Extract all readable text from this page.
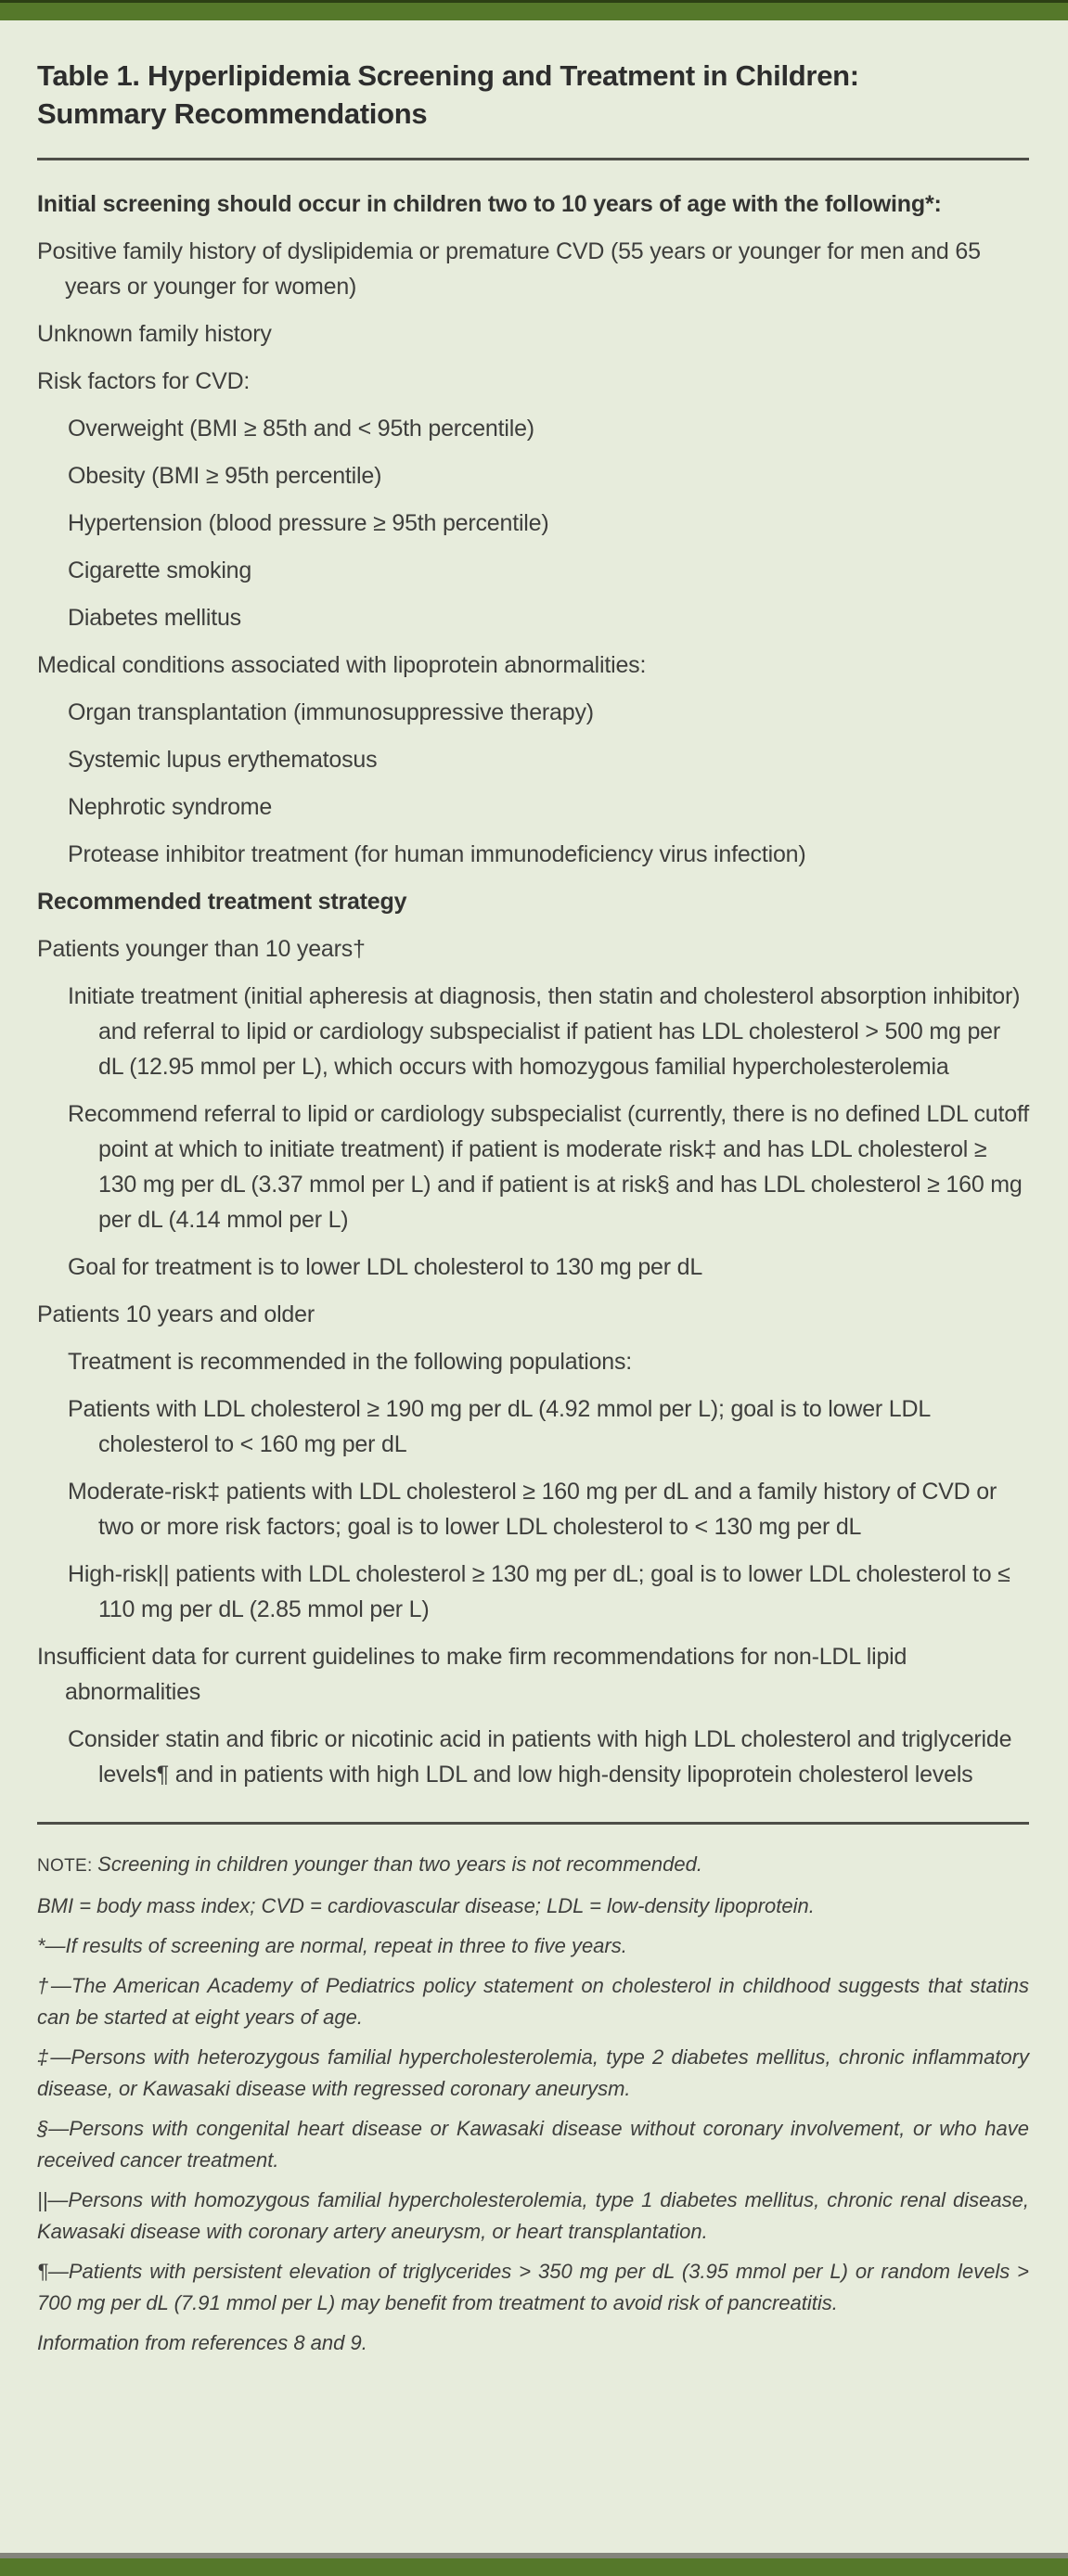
Table 1. Hyperlipidemia Screening and Treatment in Children: Summary Recommendations

Initial screening should occur in children two to 10 years of age with the following*:

Positive family history of dyslipidemia or premature CVD (55 years or younger for men and 65 years or younger for women)

Unknown family history

Risk factors for CVD:

Overweight (BMI ≥ 85th and < 95th percentile)

Obesity (BMI ≥ 95th percentile)

Hypertension (blood pressure ≥ 95th percentile)

Cigarette smoking

Diabetes mellitus

Medical conditions associated with lipoprotein abnormalities:

Organ transplantation (immunosuppressive therapy)

Systemic lupus erythematosus

Nephrotic syndrome

Protease inhibitor treatment (for human immunodeficiency virus infection)

Recommended treatment strategy

Patients younger than 10 years†

Initiate treatment (initial apheresis at diagnosis, then statin and cholesterol absorption inhibitor) and referral to lipid or cardiology subspecialist if patient has LDL cholesterol > 500 mg per dL (12.95 mmol per L), which occurs with homozygous familial hypercholesterolemia

Recommend referral to lipid or cardiology subspecialist (currently, there is no defined LDL cutoff point at which to initiate treatment) if patient is moderate risk‡ and has LDL cholesterol ≥ 130 mg per dL (3.37 mmol per L) and if patient is at risk§ and has LDL cholesterol ≥ 160 mg per dL (4.14 mmol per L)

Goal for treatment is to lower LDL cholesterol to 130 mg per dL

Patients 10 years and older

Treatment is recommended in the following populations:

Patients with LDL cholesterol ≥ 190 mg per dL (4.92 mmol per L); goal is to lower LDL cholesterol to < 160 mg per dL

Moderate-risk‡ patients with LDL cholesterol ≥ 160 mg per dL and a family history of CVD or two or more risk factors; goal is to lower LDL cholesterol to < 130 mg per dL

High-risk|| patients with LDL cholesterol ≥ 130 mg per dL; goal is to lower LDL cholesterol to ≤ 110 mg per dL (2.85 mmol per L)

Insufficient data for current guidelines to make firm recommendations for non-LDL lipid abnormalities

Consider statin and fibric or nicotinic acid in patients with high LDL cholesterol and triglyceride levels¶ and in patients with high LDL and low high-density lipoprotein cholesterol levels

NOTE: Screening in children younger than two years is not recommended.

BMI = body mass index; CVD = cardiovascular disease; LDL = low-density lipoprotein.

*—If results of screening are normal, repeat in three to five years.

†—The American Academy of Pediatrics policy statement on cholesterol in childhood suggests that statins can be started at eight years of age.

‡—Persons with heterozygous familial hypercholesterolemia, type 2 diabetes mellitus, chronic inflammatory disease, or Kawasaki disease with regressed coronary aneurysm.

§—Persons with congenital heart disease or Kawasaki disease without coronary involvement, or who have received cancer treatment.

||—Persons with homozygous familial hypercholesterolemia, type 1 diabetes mellitus, chronic renal disease, Kawasaki disease with coronary artery aneurysm, or heart transplantation.

¶—Patients with persistent elevation of triglycerides > 350 mg per dL (3.95 mmol per L) or random levels > 700 mg per dL (7.91 mmol per L) may benefit from treatment to avoid risk of pancreatitis.

Information from references 8 and 9.
